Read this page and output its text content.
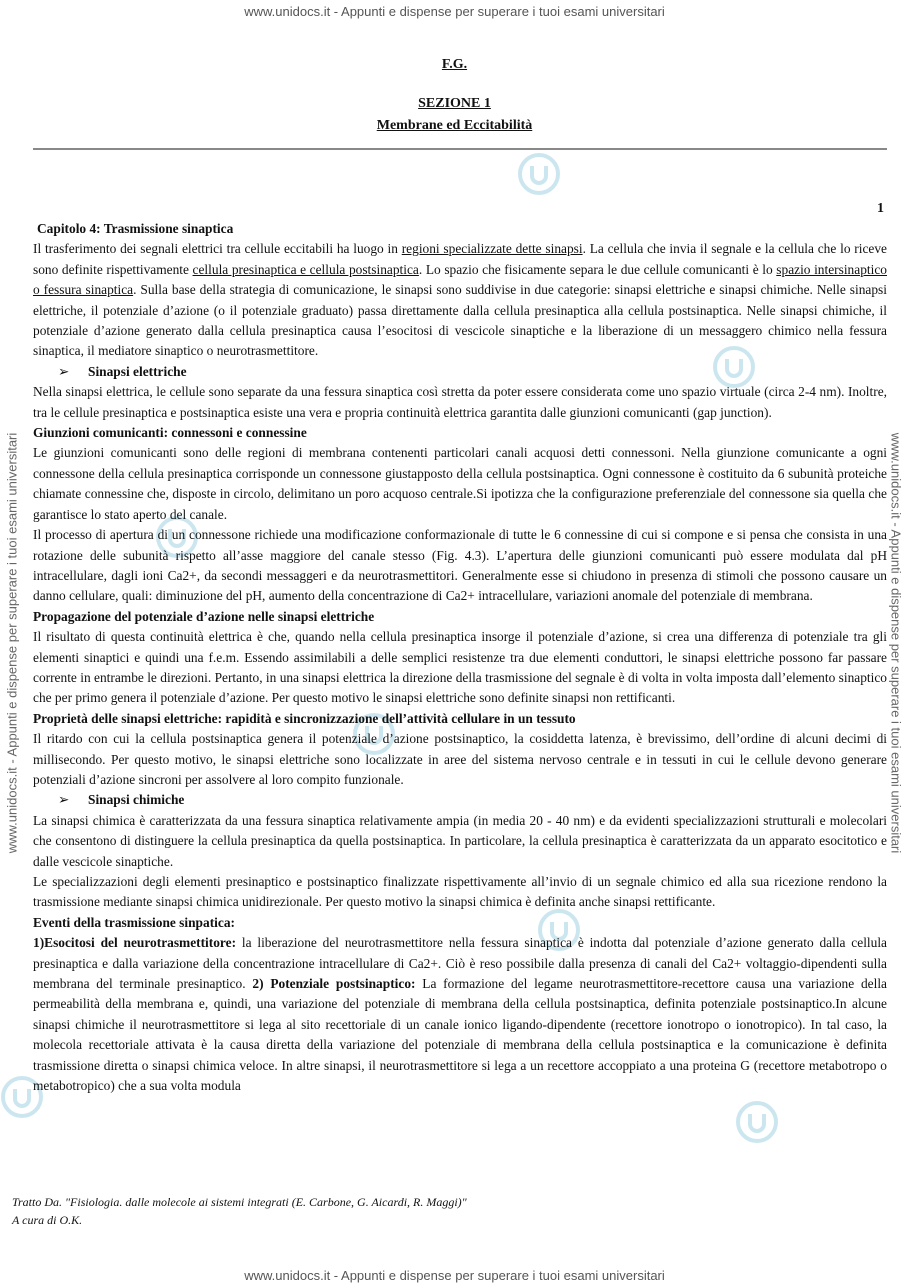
www.unidocs.it - Appunti e dispense per superare i tuoi esami universitari
www.unidocs.it - Appunti e dispense per superare i tuoi esami universitari
www.unidocs.it - Appunti e dispense per superare i tuoi esami universitari	www.unidocs.it - Appunti e dispense per superare i tuoi esami universitari
F.G.
SEZIONE 1
Membrane ed Eccitabilità
1

Capitolo 4: Trasmissione sinaptica

Il trasferimento dei segnali elettrici tra cellule eccitabili ha luogo in regioni specializzate dette sinapsi. La cellula che invia il segnale e la cellula che lo riceve sono definite rispettivamente cellula presinaptica e cellula postsinaptica. Lo spazio che fisicamente separa le due cellule comunicanti è lo spazio intersinaptico o fessura sinaptica. Sulla base della strategia di comunicazione, le sinapsi sono suddivise in due categorie: sinapsi elettriche e sinapsi chimiche. Nelle sinapsi elettriche, il potenziale d’azione (o il potenziale graduato) passa direttamente dalla cellula presinaptica alla cellula postsinaptica. Nelle sinapsi chimiche, il potenziale d’azione generato dalla cellula presinaptica causa l’esocitosi di vescicole sinaptiche e la liberazione di un messaggero chimico nella fessura sinaptica, il mediatore sinaptico o neurotrasmettitore.

➢ Sinapsi elettriche

Nella sinapsi elettrica, le cellule sono separate da una fessura sinaptica così stretta da poter essere considerata come uno spazio virtuale (circa 2-4 nm). Inoltre, tra le cellule presinaptica e postsinaptica esiste una vera e propria continuità elettrica garantita dalle giunzioni comunicanti (gap junction).

Giunzioni comunicanti: connessoni e connessine

Le giunzioni comunicanti sono delle regioni di membrana contenenti particolari canali acquosi detti connessoni. Nella giunzione comunicante a ogni connessone della cellula presinaptica corrisponde un connessone giustapposto della cellula postsinaptica. Ogni connessone è costituito da 6 subunità proteiche chiamate connessine che, disposte in circolo, delimitano un poro acquoso centrale.Si ipotizza che la configurazione preferenziale del connessone sia quella che garantisce lo stato aperto del canale.

Il processo di apertura di un connessone richiede una modificazione conformazionale di tutte le 6 connessine di cui si compone e si pensa che consista in una rotazione delle subunità rispetto all’asse maggiore del canale stesso (Fig. 4.3). L’apertura delle giunzioni comunicanti può essere modulata dal pH intracellulare, dagli ioni Ca2+, da secondi messaggeri e da neurotrasmettitori. Generalmente esse si chiudono in presenza di stimoli che possono causare un danno cellulare, quali: diminuzione del pH, aumento della concentrazione di Ca2+ intracellulare, variazioni anomale del potenziale di membrana.

Propagazione del potenziale d’azione nelle sinapsi elettriche

Il risultato di questa continuità elettrica è che, quando nella cellula presinaptica insorge il potenziale d’azione, si crea una differenza di potenziale tra gli elementi sinaptici e quindi una f.e.m. Essendo assimilabili a delle semplici resistenze tra due elementi conduttori, le sinapsi elettriche possono far passare corrente in entrambe le direzioni. Pertanto, in una sinapsi elettrica la direzione della trasmissione del segnale è di volta in volta imposta dall’elemento sinaptico che per primo genera il potenziale d’azione. Per questo motivo le sinapsi elettriche sono definite sinapsi non rettificanti.

Proprietà delle sinapsi elettriche: rapidità e sincronizzazione dell’attività cellulare in un tessuto

Il ritardo con cui la cellula postsinaptica genera il potenziale d’azione postsinaptico, la cosiddetta latenza, è brevissimo, dell’ordine di alcuni decimi di millisecondo. Per questo motivo, le sinapsi elettriche sono localizzate in aree del sistema nervoso centrale e in tessuti in cui le cellule devono generare potenziali d’azione sincroni per assolvere al loro compito funzionale.

➢ Sinapsi chimiche

La sinapsi chimica è caratterizzata da una fessura sinaptica relativamente ampia (in media 20 - 40 nm) e da evidenti specializzazioni strutturali e molecolari che consentono di distinguere la cellula presinaptica da quella postsinaptica. In particolare, la cellula presinaptica è caratterizzata da un apparato esocitotico e dalle vescicole sinaptiche.

Le specializzazioni degli elementi presinaptico e postsinaptico finalizzate rispettivamente all’invio di un segnale chimico ed alla sua ricezione rendono la trasmissione mediante sinapsi chimica unidirezionale. Per questo motivo la sinapsi chimica è definita anche sinapsi rettificante.

Eventi della trasmissione sinpatica:

1)Esocitosi del neurotrasmettitore: la liberazione del neurotrasmettitore nella fessura sinaptica è indotta dal potenziale d’azione generato dalla cellula presinaptica e dalla variazione della concentrazione intracellulare di Ca2+. Ciò è reso possibile dalla presenza di canali del Ca2+ voltaggio-dipendenti sulla membrana del terminale presinaptico. 2) Potenziale postsinaptico: La formazione del legame neurotrasmettitore-recettore causa una variazione della permeabilità della membrana e, quindi, una variazione del potenziale di membrana della cellula postsinaptica, definita potenziale postsinaptico.In alcune sinapsi chimiche il neurotrasmettitore si lega al sito recettoriale di un canale ionico ligando-dipendente (recettore ionotropo o ionotropico). In tal caso, la molecola recettoriale attivata è la causa diretta della variazione del potenziale di membrana della cellula postsinaptica e la comunicazione è definita trasmissione diretta o sinapsi chimica veloce. In altre sinapsi, il neurotrasmettitore si lega a un recettore accoppiato a una proteina G (recettore metabotropo o metabotropico) che a sua volta modula

Tratto Da. "Fisiologia. dalle molecole ai sistemi integrati (E. Carbone, G. Aicardi, R. Maggi)"
A cura di O.K.
